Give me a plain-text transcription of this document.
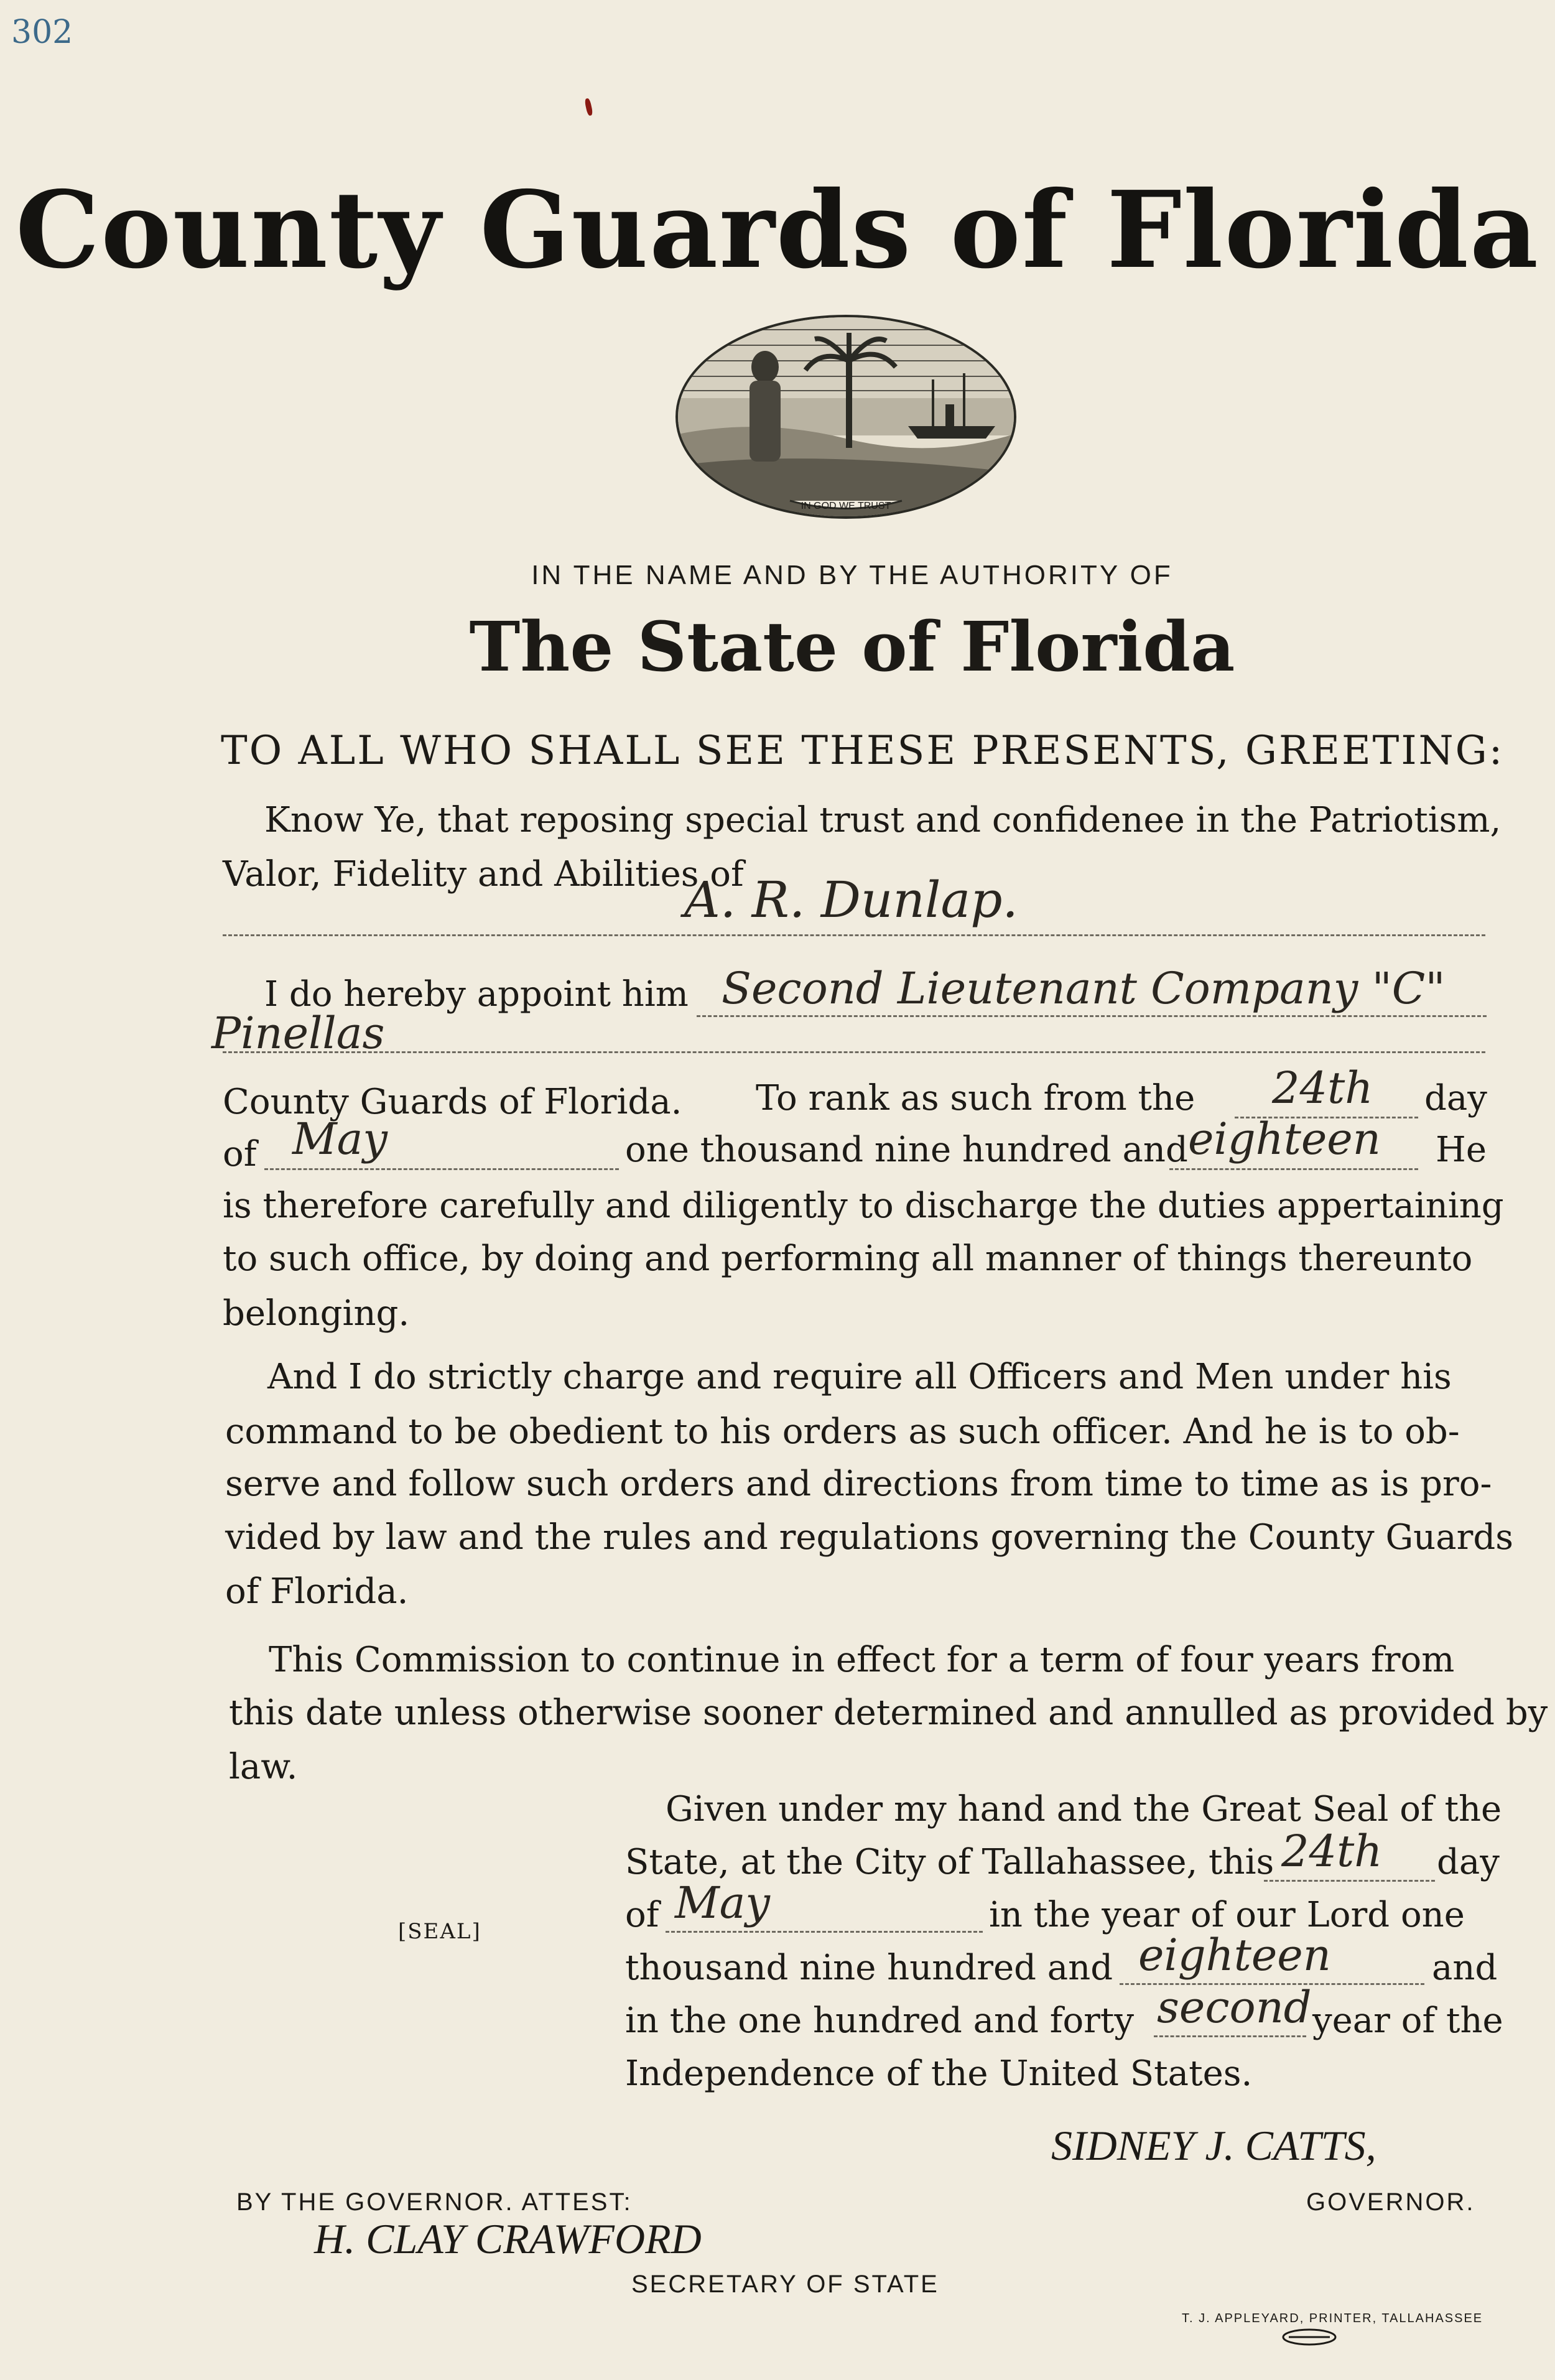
302
County Guards of Florida
IN GOD WE TRUST
IN THE NAME AND BY THE AUTHORITY OF
The State of Florida
TO ALL WHO SHALL SEE THESE PRESENTS, GREETING:
Know Ye, that reposing special trust and confidenee in the Patriotism,
Valor, Fidelity and Abilities of
A. R. Dunlap.
I do hereby appoint him Second Lieutenant Company "C"
Pinellas
County Guards of Florida. To rank as such from the 24th day
of May	one thousand nine hundred and eighteen He
is therefore carefully and diligently to discharge the duties appertaining
to such office, by doing and performing all manner of things thereunto
belonging.
And I do strictly charge and require all Officers and Men under his
command to be obedient to his orders as such officer. And he is to ob-
serve and follow such orders and directions from time to time as is pro-
vided by law and the rules and regulations governing the County Guards
of Florida.
This Commission to continue in effect for a term of four years from
this date unless otherwise sooner determined and annulled as provided by
law.
Given under my hand and the Great Seal of the
State, at the City of Tallahassee, this 24th day
of May	in the year of our Lord one
thousand nine hundred and eighteen	and
in the one hundred and forty second year of the
Independence of the United States.
[SEAL]
SIDNEY J. CATTS,
GOVERNOR.
BY THE GOVERNOR. ATTEST:
H. CLAY CRAWFORD
SECRETARY OF STATE
T. J. APPLEYARD, PRINTER, TALLAHASSEE
